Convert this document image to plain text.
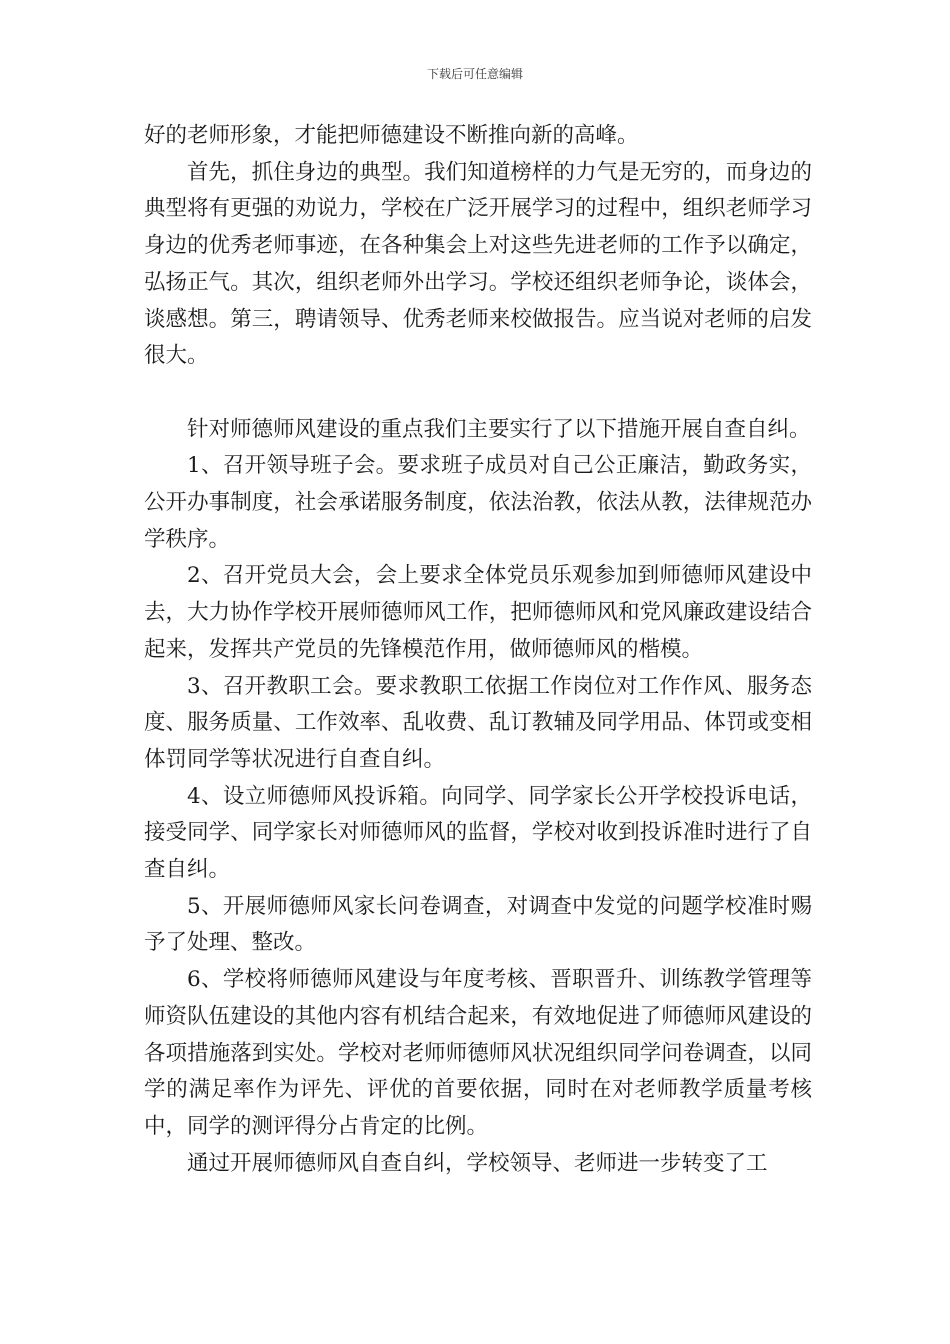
下载后可任意编辑

好的老师形象，才能把师德建设不断推向新的高峰。

首先，抓住身边的典型。我们知道榜样的力气是无穷的，而身边的典型将有更强的劝说力，学校在广泛开展学习的过程中，组织老师学习身边的优秀老师事迹，在各种集会上对这些先进老师的工作予以确定，弘扬正气。其次，组织老师外出学习。学校还组织老师争论，谈体会，谈感想。第三，聘请领导、优秀老师来校做报告。应当说对老师的启发很大。

针对师德师风建设的重点我们主要实行了以下措施开展自查自纠。

1、召开领导班子会。要求班子成员对自己公正廉洁，勤政务实，公开办事制度，社会承诺服务制度，依法治教，依法从教，法律规范办学秩序。

2、召开党员大会，会上要求全体党员乐观参加到师德师风建设中去，大力协作学校开展师德师风工作，把师德师风和党风廉政建设结合起来，发挥共产党员的先锋模范作用，做师德师风的楷模。

3、召开教职工会。要求教职工依据工作岗位对工作作风、服务态度、服务质量、工作效率、乱收费、乱订教辅及同学用品、体罚或变相体罚同学等状况进行自查自纠。

4、设立师德师风投诉箱。向同学、同学家长公开学校投诉电话，接受同学、同学家长对师德师风的监督，学校对收到投诉准时进行了自查自纠。

5、开展师德师风家长问卷调查，对调查中发觉的问题学校准时赐予了处理、整改。

6、学校将师德师风建设与年度考核、晋职晋升、训练教学管理等师资队伍建设的其他内容有机结合起来，有效地促进了师德师风建设的各项措施落到实处。学校对老师师德师风状况组织同学问卷调查，以同学的满足率作为评先、评优的首要依据，同时在对老师教学质量考核中，同学的测评得分占肯定的比例。

通过开展师德师风自查自纠，学校领导、老师进一步转变了工
